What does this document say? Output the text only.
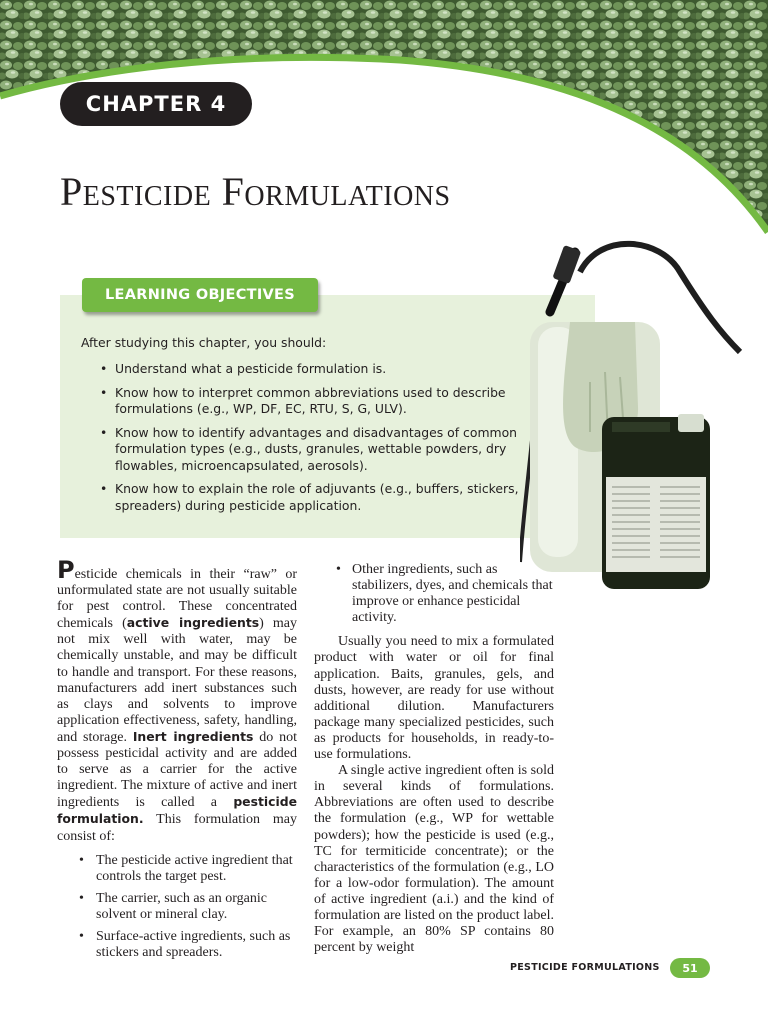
CHAPTER 4
Pesticide Formulations
LEARNING OBJECTIVES
After studying this chapter, you should:
• Understand what a pesticide formulation is.
• Know how to interpret common abbreviations used to describe formulations (e.g., WP, DF, EC, RTU, S, G, ULV).
• Know how to identify advantages and disadvantages of common formulation types (e.g., dusts, granules, wettable powders, dry flowables, microencapsulated, aerosols).
• Know how to explain the role of adjuvants (e.g., buffers, stickers, spreaders) during pesticide application.

Pesticide chemicals in their “raw” or unformulated state are not usually suitable for pest control. These concentrated chemicals (active ingredients) may not mix well with water, may be chemically unstable, and may be difficult to handle and transport. For these reasons, manufacturers add inert substances such as clays and solvents to improve application effectiveness, safety, handling, and storage. Inert ingredients do not possess pesticidal activity and are added to serve as a carrier for the active ingredient. The mixture of active and inert ingredients is called a pesticide formulation. This formulation may consist of:

• The pesticide active ingredient that controls the target pest.
• The carrier, such as an organic solvent or mineral clay.
• Surface-active ingredients, such as stickers and spreaders.
• Other ingredients, such as stabilizers, dyes, and chemicals that improve or enhance pesticidal activity.

Usually you need to mix a formulated product with water or oil for final application. Baits, granules, gels, and dusts, however, are ready for use without additional dilution. Manufacturers package many specialized pesticides, such as products for households, in ready-to-use formulations.

A single active ingredient often is sold in several kinds of formulations. Abbreviations are often used to describe the formulation (e.g., WP for wettable powders); how the pesticide is used (e.g., TC for termiticide concentrate); or the characteristics of the formulation (e.g., LO for a low-odor formulation). The amount of active ingredient (a.i.) and the kind of formulation are listed on the product label. For example, an 80% SP contains 80 percent by weight

PESTICIDE FORMULATIONS	51
